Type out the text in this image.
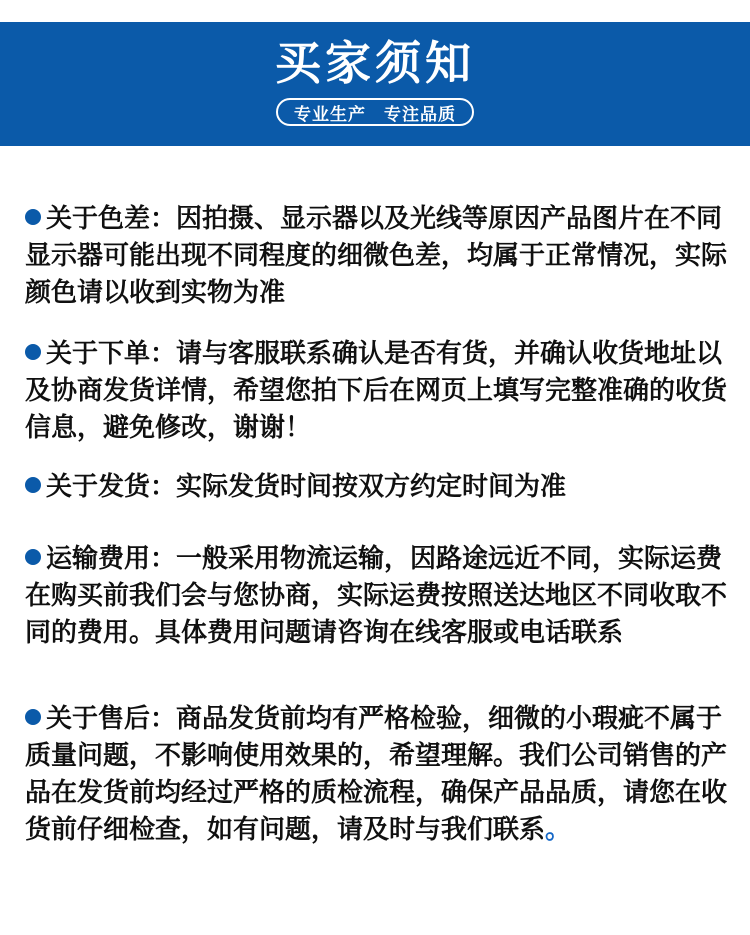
买家须知
专业生产　专注品质
关于色差：因拍摄、显示器以及光线等原因产品图片在不同
显示器可能出现不同程度的细微色差，均属于正常情况，实际
颜色请以收到实物为准
关于下单：请与客服联系确认是否有货，并确认收货地址以
及协商发货详情，希望您拍下后在网页上填写完整准确的收货
信息，避免修改，谢谢！
关于发货：实际发货时间按双方约定时间为准
运输费用：一般采用物流运输，因路途远近不同，实际运费
在购买前我们会与您协商，实际运费按照送达地区不同收取不
同的费用。具体费用问题请咨询在线客服或电话联系
关于售后：商品发货前均有严格检验，细微的小瑕疵不属于
质量问题，不影响使用效果的，希望理解。我们公司销售的产
品在发货前均经过严格的质检流程，确保产品品质，请您在收
货前仔细检查，如有问题，请及时与我们联系。
